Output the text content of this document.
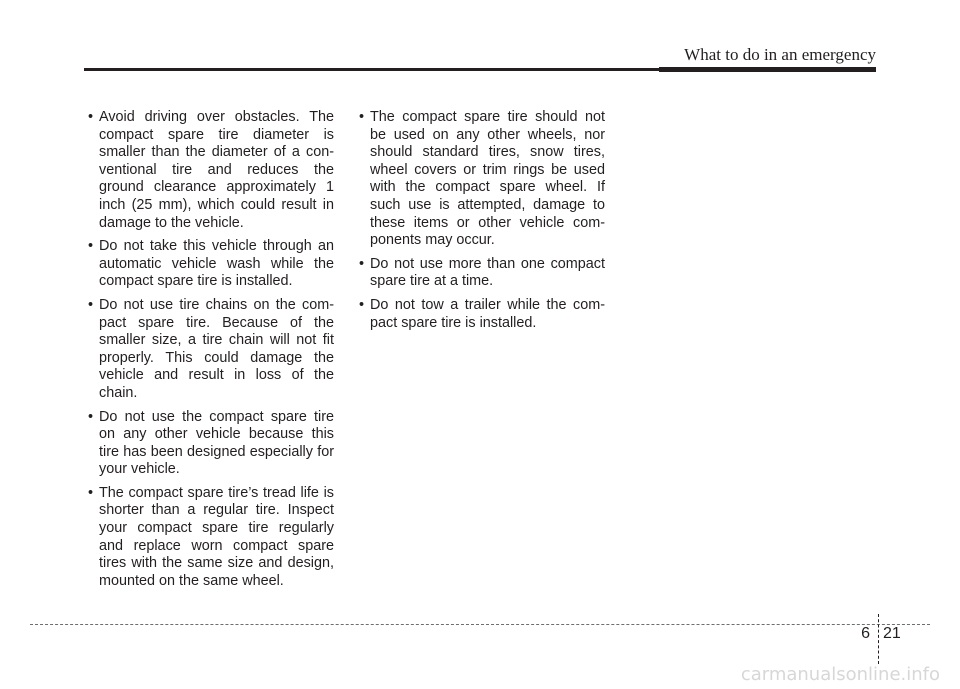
What to do in an emergency

• Avoid driving over obstacles. The compact spare tire diameter is smaller than the diameter of a conventional tire and reduces the ground clearance approximately 1 inch (25 mm), which could result in damage to the vehicle.

• Do not take this vehicle through an automatic vehicle wash while the compact spare tire is installed.

• Do not use tire chains on the compact spare tire. Because of the smaller size, a tire chain will not fit properly. This could damage the vehicle and result in loss of the chain.

• Do not use the compact spare tire on any other vehicle because this tire has been designed especially for your vehicle.

• The compact spare tire’s tread life is shorter than a regular tire. Inspect your compact spare tire regularly and replace worn compact spare tires with the same size and design, mounted on the same wheel.

• The compact spare tire should not be used on any other wheels, nor should standard tires, snow tires, wheel covers or trim rings be used with the compact spare wheel. If such use is attempted, damage to these items or other vehicle components may occur.

• Do not use more than one compact spare tire at a time.

• Do not tow a trailer while the compact spare tire is installed.

6 21
carmanualsonline.info
